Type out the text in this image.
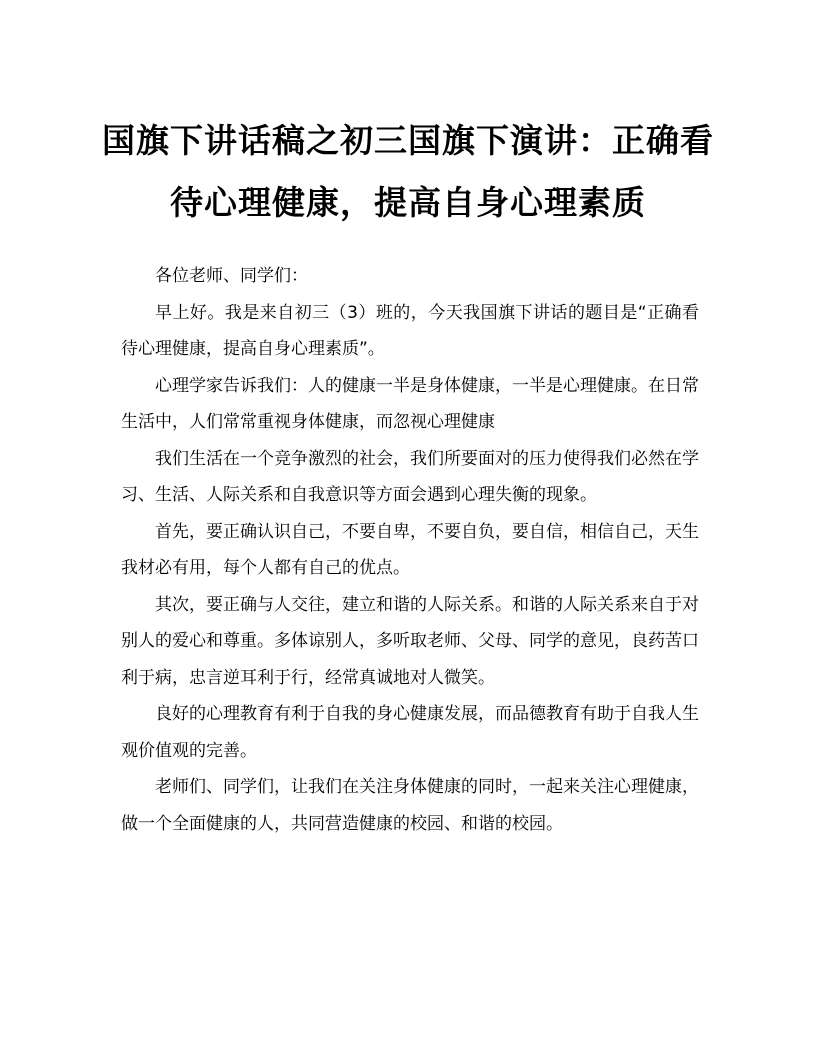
国旗下讲话稿之初三国旗下演讲：正确看待心理健康，提高自身心理素质

各位老师、同学们：

早上好。我是来自初三（3）班的，今天我国旗下讲话的题目是“正确看待心理健康，提高自身心理素质”。

心理学家告诉我们：人的健康一半是身体健康，一半是心理健康。在日常生活中，人们常常重视身体健康，而忽视心理健康

我们生活在一个竞争激烈的社会，我们所要面对的压力使得我们必然在学习、生活、人际关系和自我意识等方面会遇到心理失衡的现象。

首先，要正确认识自己，不要自卑，不要自负，要自信，相信自己，天生我材必有用，每个人都有自己的优点。

其次，要正确与人交往，建立和谐的人际关系。和谐的人际关系来自于对别人的爱心和尊重。多体谅别人，多听取老师、父母、同学的意见，良药苦口利于病，忠言逆耳利于行，经常真诚地对人微笑。

良好的心理教育有利于自我的身心健康发展，而品德教育有助于自我人生观价值观的完善。

老师们、同学们，让我们在关注身体健康的同时，一起来关注心理健康，做一个全面健康的人，共同营造健康的校园、和谐的校园。
